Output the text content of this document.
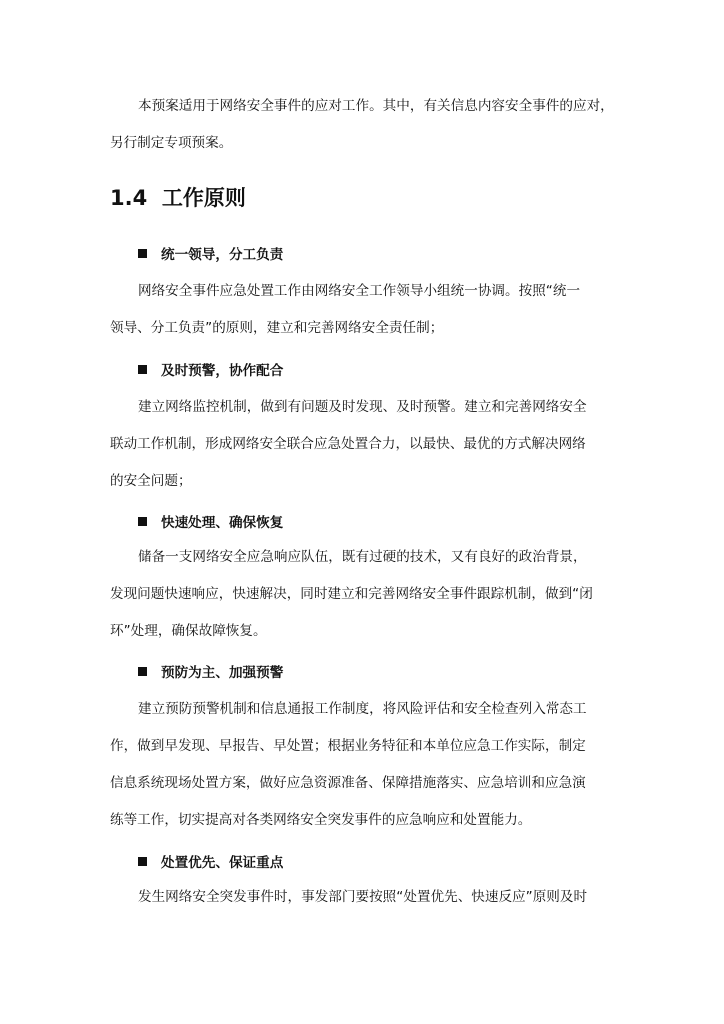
本预案适用于网络安全事件的应对工作。其中，有关信息内容安全事件的应对，
另行制定专项预案。

1.4 工作原则
统一领导，分工负责

网络安全事件应急处置工作由网络安全工作领导小组统一协调。按照“统一
领导、分工负责”的原则，建立和完善网络安全责任制；

及时预警，协作配合

建立网络监控机制，做到有问题及时发现、及时预警。建立和完善网络安全
联动工作机制，形成网络安全联合应急处置合力，以最快、最优的方式解决网络
的安全问题；

快速处理、确保恢复

储备一支网络安全应急响应队伍，既有过硬的技术，又有良好的政治背景，
发现问题快速响应，快速解决，同时建立和完善网络安全事件跟踪机制，做到“闭
环”处理，确保故障恢复。

预防为主、加强预警

建立预防预警机制和信息通报工作制度，将风险评估和安全检查列入常态工
作，做到早发现、早报告、早处置；根据业务特征和本单位应急工作实际，制定
信息系统现场处置方案，做好应急资源准备、保障措施落实、应急培训和应急演
练等工作，切实提高对各类网络安全突发事件的应急响应和处置能力。

处置优先、保证重点

发生网络安全突发事件时，事发部门要按照“处置优先、快速反应”原则及时
